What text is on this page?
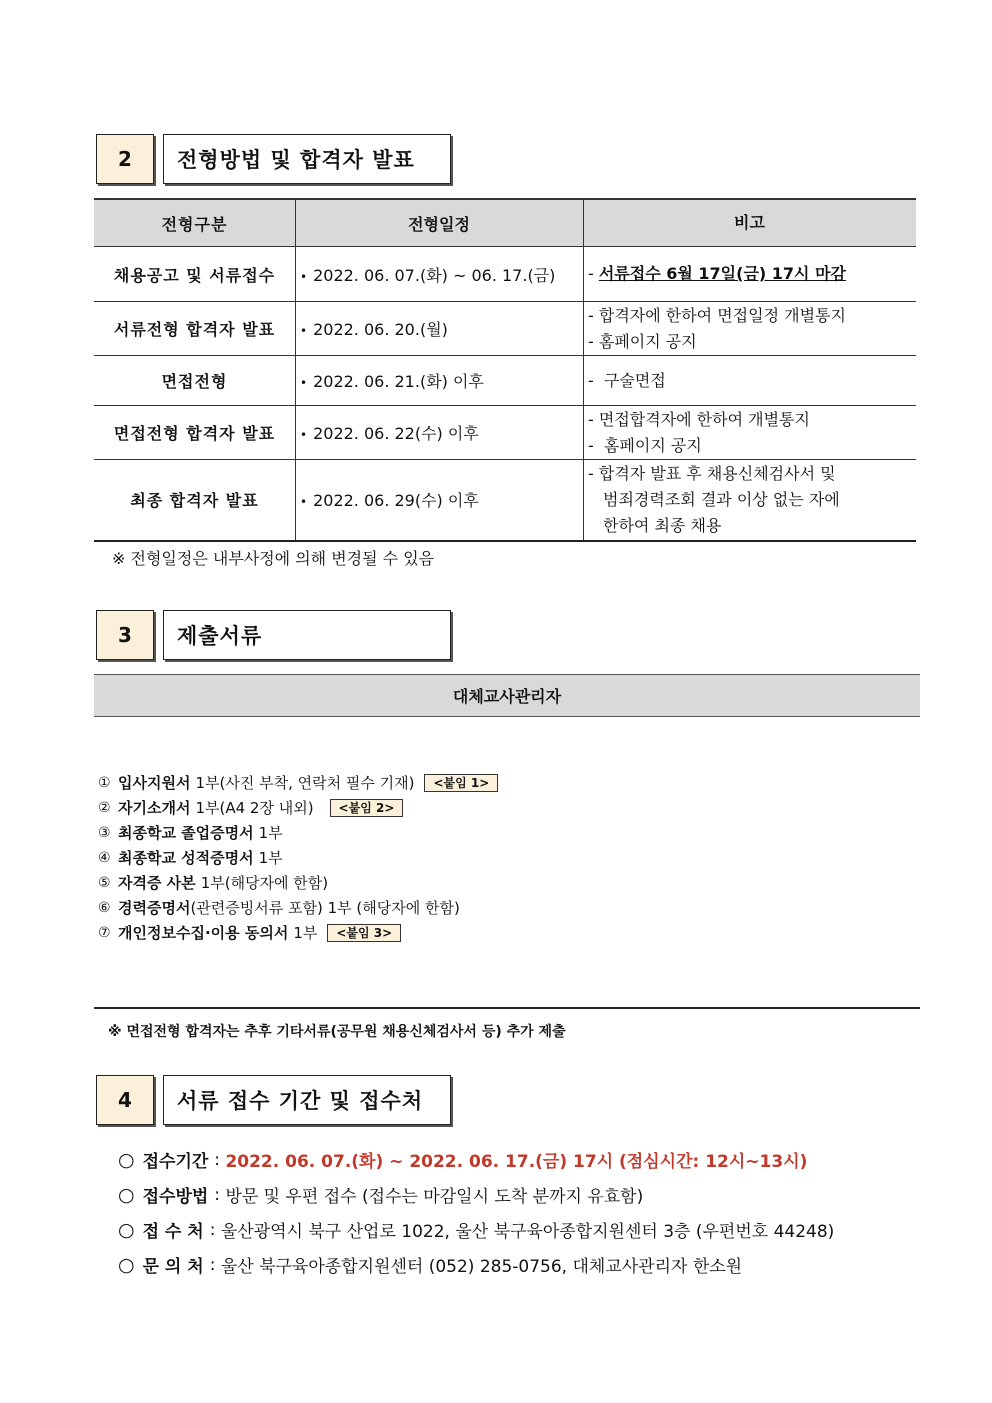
2	전형방법 및 합격자 발표
전형구분	전형일정	비고
채용공고 및 서류접수	• 2022. 06. 07.(화) ~ 06. 17.(금)	- 서류접수 6월 17일(금) 17시 마감
서류전형 합격자 발표	• 2022. 06. 20.(월)	- 합격자에 한하여 면접일정 개별통지
- 홈페이지 공지

면접전형	• 2022. 06. 21.(화) 이후	-  구술면접
면접전형 합격자 발표	• 2022. 06. 22(수) 이후	- 면접합격자에 한하여 개별통지
-  홈페이지 공지

최종 합격자 발표	• 2022. 06. 29(수) 이후	- 합격자 발표 후 채용신체검사서 및
범죄경력조회 결과 이상 없는 자에
한하여 최종 채용
※ 전형일정은 내부사정에 의해 변경될 수 있음
3	제출서류
대체교사관리자
① 입사지원서 1부(사진 부착, 연락처 필수 기재)	<붙임 1>
② 자기소개서 1부(A4 2장 내외)	<붙임 2>
③ 최종학교 졸업증명서 1부
④ 최종학교 성적증명서 1부
⑤ 자격증 사본 1부(해당자에 한함)
⑥ 경력증명서 (관련증빙서류 포함) 1부 (해당자에 한함)
⑦ 개인정보수집·이용 동의서 1부	<붙임 3>
※ 면접전형 합격자는 추후 기타서류(공무원 채용신체검사서 등) 추가 제출
4	서류 접수 기간 및 접수처
○ 접수기간 : 2022. 06. 07.(화) ~ 2022. 06. 17.(금) 17시 (점심시간: 12시~13시)
○ 접수방법 : 방문 및 우편 접수 (접수는 마감일시 도착 분까지 유효함)
○ 접 수 처 : 울산광역시 북구 산업로 1022, 울산 북구육아종합지원센터 3층 (우편번호 44248)
○ 문 의 처 : 울산 북구육아종합지원센터 (052) 285-0756, 대체교사관리자 한소원
